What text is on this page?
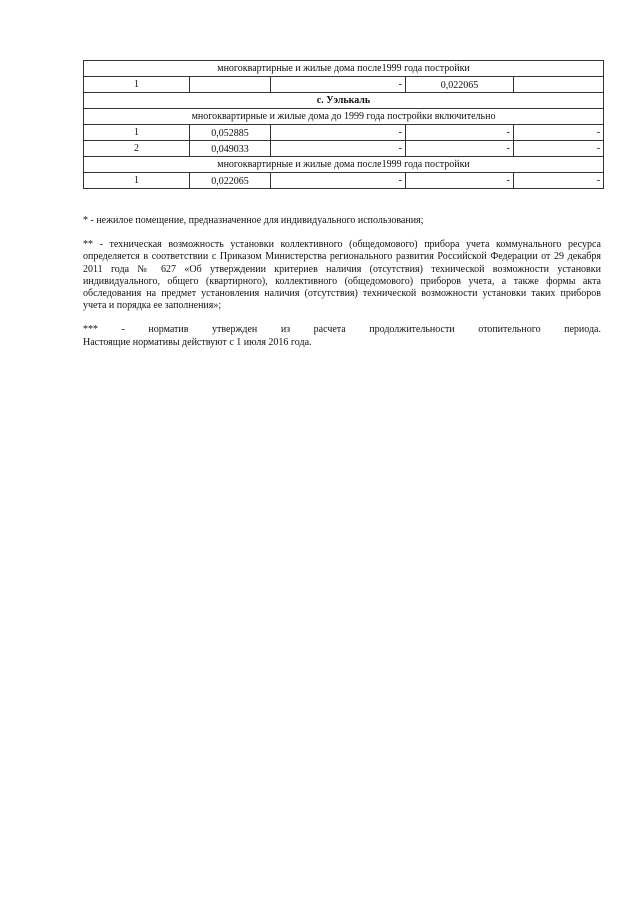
многоквартирные и жилые дома после1999 года постройки				
1		-	0,022065	
с. Уэлькаль				
многоквартирные и жилые дома до 1999 года постройки включительно				
1	0,052885	-	-	-
2	0,049033	-	-	-
многоквартирные и жилые дома после1999 года постройки				
1	0,022065	-	-	-

* - нежилое помещение, предназначенное для индивидуального использования;

** - техническая возможность установки коллективного (общедомового) прибора учета коммунального ресурса определяется в соответствии с Приказом Министерства регионального развития Российской Федерации от 29 декабря 2011 года № 627 «Об утверждении критериев наличия (отсутствия) технической возможности установки индивидуального, общего (квартирного), коллективного (общедомового) приборов учета, а также формы акта обследования на предмет установления наличия (отсутствия) технической возможности установки таких приборов учета и порядка ее заполнения»;

*** - норматив утвержден из расчета продолжительности отопительного периода.

Настоящие нормативы действуют с 1 июля 2016 года.
